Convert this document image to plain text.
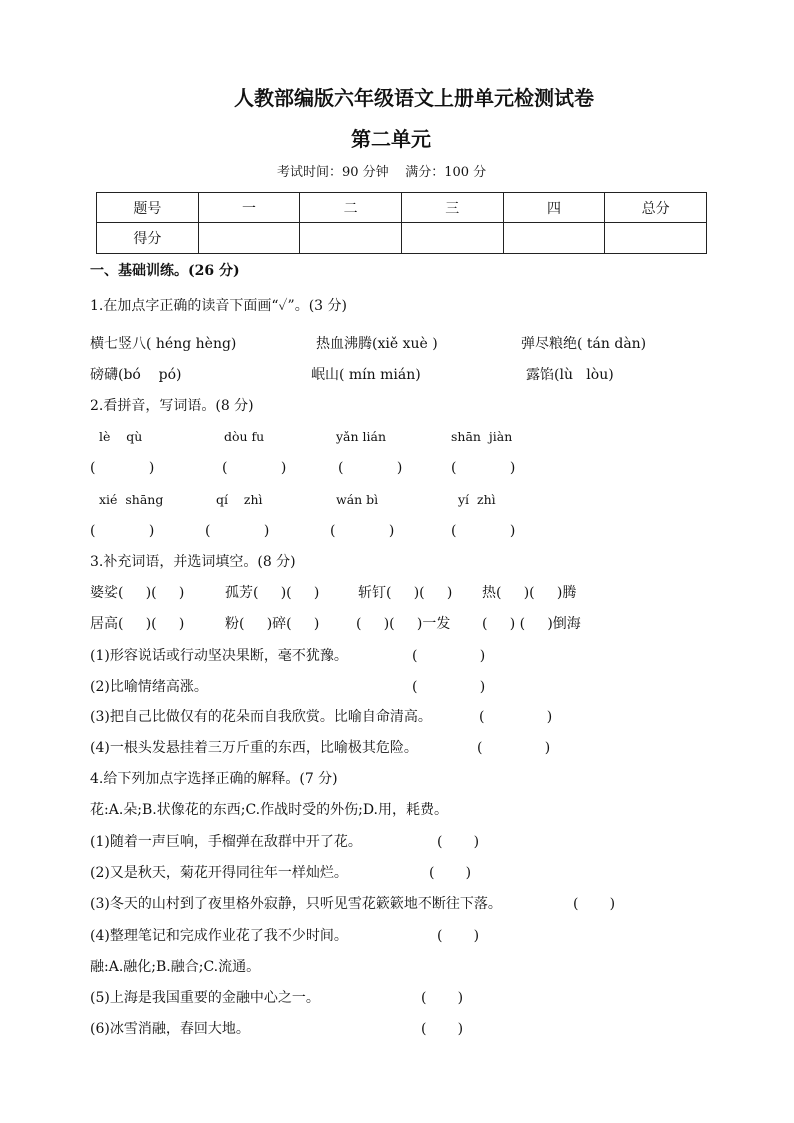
人教部编版六年级语文上册单元检测试卷
第二单元
考试时间：90 分钟    满分：100 分
题号	一	二	三	四	总分
得分					
一、基础训练。(26 分)
1.在加点字正确的读音下面画“✓”。(3 分)
横七竖八( héng hèng)	热血沸腾(xiě xuè )	弹尽粮绝( tán dàn)
磅礴(bó    pó)	岷山( mín mián)	露馅(lù   lòu)
2.看拼音，写词语。(8 分)
lè    qù	dòu fu	yǎn lián	shān  jiàn
(            )	(            )	(            )	(            )
xié  shāng	qí    zhì	wán bì	yí  zhì
(            )	(            )	(            )	(            )
3.补充词语，并选词填空。(8 分)
婆娑(     )(     )	孤芳(     )(     )	斩钉(     )(     ) 热(     )(     )腾
居高(     )(     )	粉(     )碎(     )	(     )(     )一发 (     ) (     )倒海
(1)形容说话或行动坚决果断，毫不犹豫。	(              )
(2)比喻情绪高涨。	(              )
(3)把自己比做仅有的花朵而自我欣赏。比喻自命清高。	(              )
(4)一根头发悬挂着三万斤重的东西，比喻极其危险。	(              )
4.给下列加点字选择正确的解释。(7 分)
花:A.朵;B.状像花的东西;C.作战时受的外伤;D.用，耗费。
(1)随着一声巨响，手榴弹在敌群中开了花。	(       )
(2)又是秋天，菊花开得同往年一样灿烂。	(       )
(3)冬天的山村到了夜里格外寂静，只听见雪花簌簌地不断往下落。	(       )
(4)整理笔记和完成作业花了我不少时间。	(       )
融:A.融化;B.融合;C.流通。
(5)上海是我国重要的金融中心之一。	(       )
(6)冰雪消融，春回大地。	(       )
